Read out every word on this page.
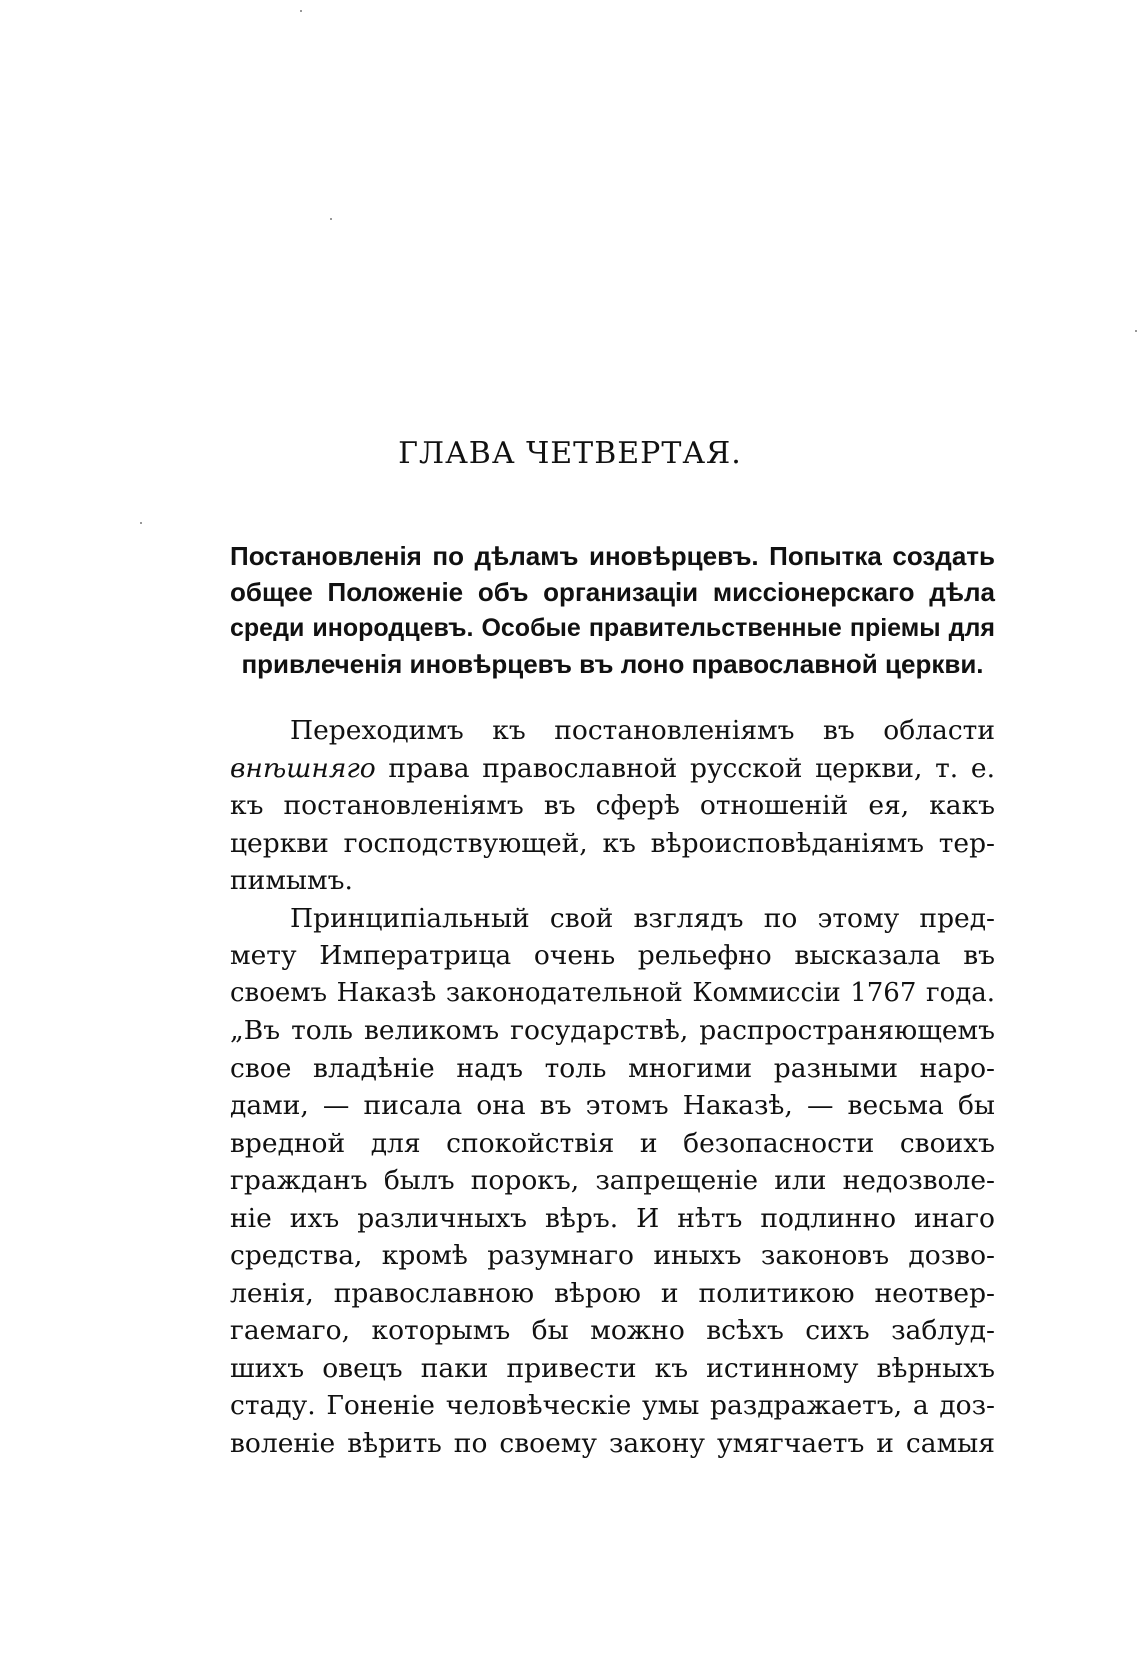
ГЛАВА ЧЕТВЕРТАЯ.
Постановленія по дѣламъ иновѣрцевъ. Попытка создать
общее Положеніе объ организаціи миссіонерскаго дѣла
среди инородцевъ. Особые правительственные пріемы для
привлеченія иновѣрцевъ въ лоно православной церкви.
Переходимъ къ постановленіямъ въ области
внѣшняго права православной русской церкви, т. е.
къ постановленіямъ въ сферѣ отношеній ея, какъ
церкви господствующей, къ вѣроисповѣданіямъ тер-
пимымъ.
Принципіальный свой взглядъ по этому пред-
мету Императрица очень рельефно высказала въ
своемъ Наказѣ законодательной Коммиссіи 1767 года.
„Въ толь великомъ государствѣ, распространяющемъ
свое владѣніе надъ толь многими разными наро-
дами, — писала она въ этомъ Наказѣ, — весьма бы
вредной для спокойствія и безопасности своихъ
гражданъ былъ порокъ, запрещеніе или недозволе-
ніе ихъ различныхъ вѣръ. И нѣтъ подлинно инаго
средства, кромѣ разумнаго иныхъ законовъ дозво-
ленія, православною вѣрою и политикою неотвер-
гаемаго, которымъ бы можно всѣхъ сихъ заблуд-
шихъ овецъ паки привести къ истинному вѣрныхъ
стаду. Гоненіе человѣческіе умы раздражаетъ, а доз-
воленіе вѣрить по своему закону умягчаетъ и самыя
